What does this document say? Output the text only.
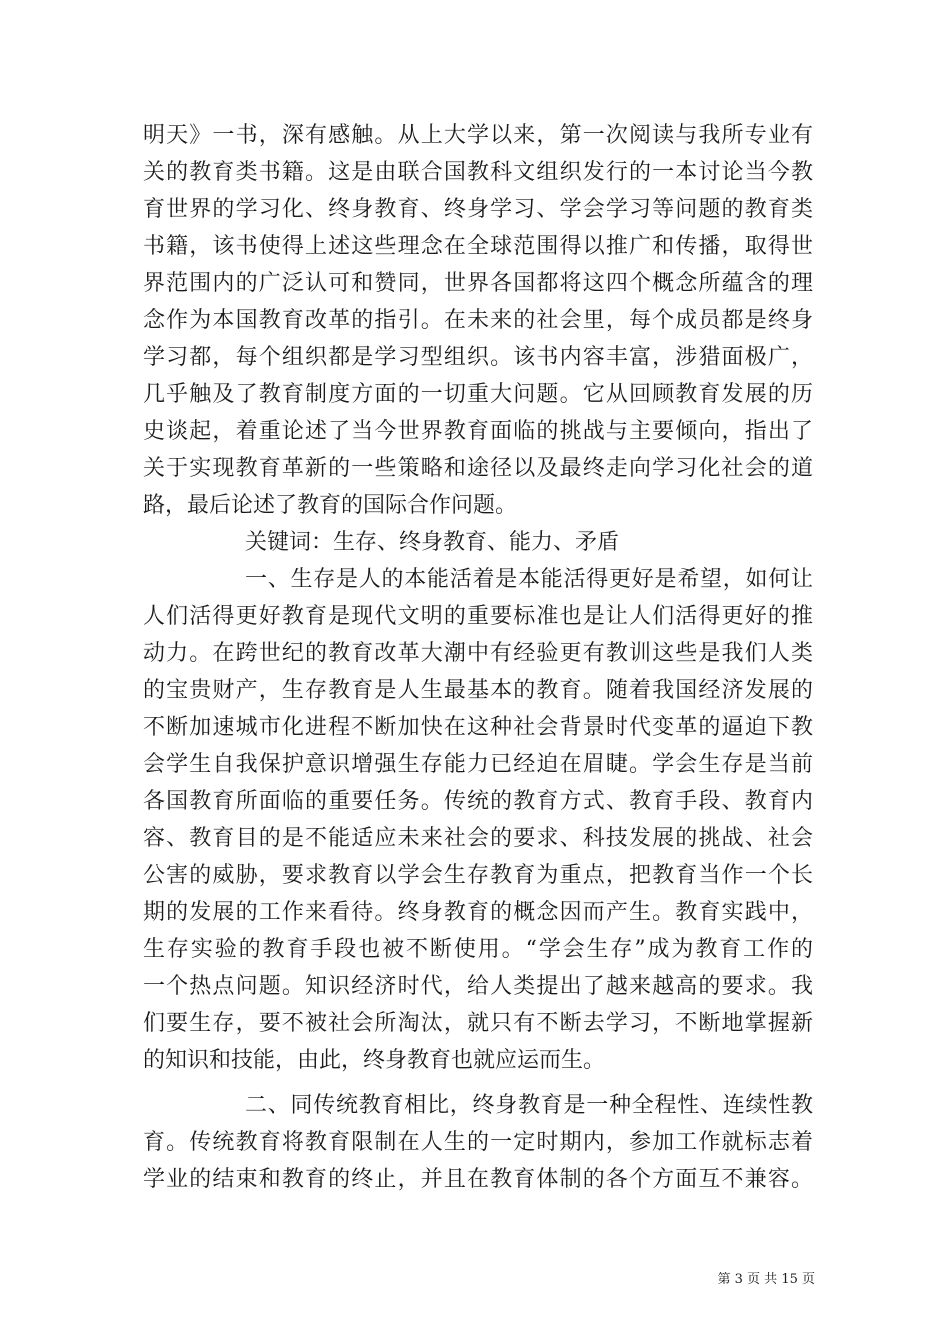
明天》一书，深有感触。从上大学以来，第一次阅读与我所专业有
关的教育类书籍。这是由联合国教科文组织发行的一本讨论当今教
育世界的学习化、终身教育、终身学习、学会学习等问题的教育类
书籍，该书使得上述这些理念在全球范围得以推广和传播，取得世
界范围内的广泛认可和赞同，世界各国都将这四个概念所蕴含的理
念作为本国教育改革的指引。在未来的社会里，每个成员都是终身
学习都，每个组织都是学习型组织。该书内容丰富，涉猎面极广，
几乎触及了教育制度方面的一切重大问题。它从回顾教育发展的历
史谈起，着重论述了当今世界教育面临的挑战与主要倾向，指出了
关于实现教育革新的一些策略和途径以及最终走向学习化社会的道
路，最后论述了教育的国际合作问题。
关键词：生存、终身教育、能力、矛盾
一、生存是人的本能活着是本能活得更好是希望，如何让
人们活得更好教育是现代文明的重要标准也是让人们活得更好的推
动力。在跨世纪的教育改革大潮中有经验更有教训这些是我们人类
的宝贵财产，生存教育是人生最基本的教育。随着我国经济发展的
不断加速城市化进程不断加快在这种社会背景时代变革的逼迫下教
会学生自我保护意识增强生存能力已经迫在眉睫。学会生存是当前
各国教育所面临的重要任务。传统的教育方式、教育手段、教育内
容、教育目的是不能适应未来社会的要求、科技发展的挑战、社会
公害的威胁，要求教育以学会生存教育为重点，把教育当作一个长
期的发展的工作来看待。终身教育的概念因而产生。教育实践中，
生存实验的教育手段也被不断使用。“学会生存”成为教育工作的
一个热点问题。知识经济时代，给人类提出了越来越高的要求。我
们要生存，要不被社会所淘汰，就只有不断去学习，不断地掌握新
的知识和技能，由此，终身教育也就应运而生。
二、同传统教育相比，终身教育是一种全程性、连续性教
育。传统教育将教育限制在人生的一定时期内，参加工作就标志着
学业的结束和教育的终止，并且在教育体制的各个方面互不兼容。
第 3 页 共 15 页
